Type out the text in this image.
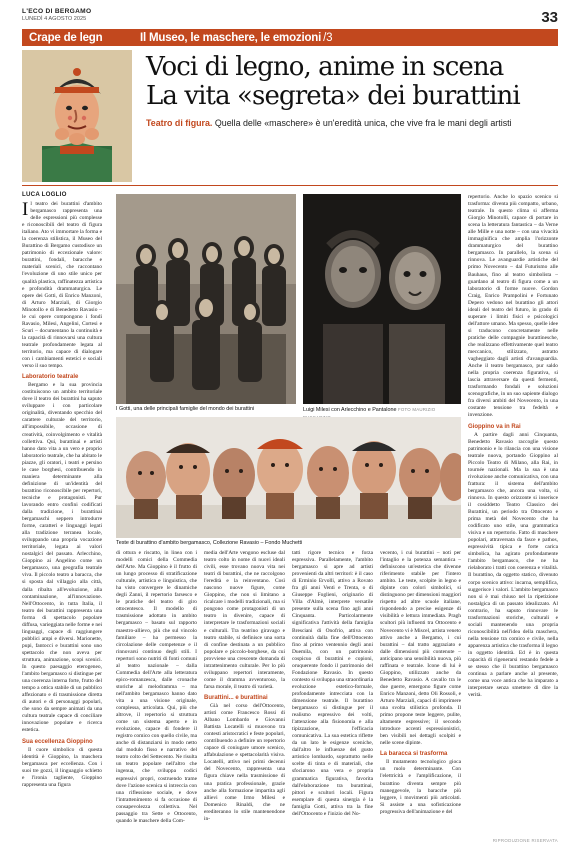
L'ECO DI BERGAMO
LUNEDÌ 4 AGOSTO 2025	33
Crape de legn	Il Museo, le maschere, le emozioni /3
Voci di legno, anime in scena
La vita «segreta» dei burattini
Teatro di figura. Quella delle «maschere» è un'eredità unica, che vive fra le mani degli artisti
LUCA LOGLIO

Il teatro dei burattini d'ambito bergamasco rappresenta una delle espressioni più complesse e riconoscibili del teatro di figura italiano. Ato vi immortare la forma e la coerenza stilistica, il Museo del Burattino di Bergamo custodisce un patrimonio di eccezionale valore: burattini, fondali, baracche e materiali scenici, che raccontano l'evoluzione di uno stile unico per qualità plastica, raffinatezza artistica e profondità drammaturgica. Le opere dei Gotti, di Enrico Manzoni, di Arturo Marziali, di Giorgio Minotollo e di Benedetto Ravasio – le cui opere compongono i fondi Ravasio, Milesi, Angelini, Cortesi e Scuri – documentano la continuità e la capacità di rinnovarsi una cultura teatrale profondamente legata al territorio, ma capace di dialogare con i cambiamenti estetici e sociali verso il suo tempo.

Laboratorio teatrale

Bergamo e la sua provincia costituiscono un ambito territoriale dove il teatro dei burattini ha saputo sviluppare i con particolare originalità, diventando specchio del carattere culturale del territorio, all'impossibile, occasione di creatività, coinvolgimento e vitalità collettiva. Qui, burattinai e artisti hanno dato vita a un vero e proprio laboratorio teatrale, che ha abitato le piazze, gli oratori, i teatri e persino le case borghesi, contribuendo in maniera determinante alla definizione di un'identità del burattino riconoscibile per repertori, tecniche e protagonisti. Pur lavorando entro confini codificati dalla tradizione, i burattinai bergamaschi seppero introdurre forme, caratteri e linguaggi legati alla tradizione terranea locale, sviluppando una propria vocazione territoriale, legata ai valori nostalgici del passato. Arlecchino, Gioppino ai Angelino come un bergamasco, una geografia teatrale viva. Il piccolo teatro a baracca, che si sposta dal villaggio alla città, dalla ribalta all'evoluzione, alla contaminazione, all'innovazione. Nell'Ottocento, in tutta Italia, il teatro dei burattini rappresenta una forma di spettacolo popolare diffusa, varieggiata nelle forme e nei linguaggi, capace di raggiungere pubblici ampi e diversi. Marionette, pupi, fantocci e burattini sono uno spettacolo che non aveva per struttura, animazione, scopi scenici. In questo paesaggio eterogeneo, l'ambito bergamasco si distingue per una coerenza interna forte, frutto del tempo a ottica stabile di un pubblico affezionato e di trasmissione diretta di autori e di personaggi popolari, che sono da sempre animati da una cultura teatrale capace di conciliare innovazione popolare e ricerca estetica.

Sua eccellenza Gioppino

Il cuore simbolico di questa identità è Gioppino, la maschera bergamasca per eccellenza. Con i suoi tre gozzi, il linguaggio schietto e l'ironia tagliente, Gioppino rappresenta una figura

I Gotti, una delle principali famiglie del mondo dei burattini	Luigi Milesi con Arlecchino e Pantalone FOTO MAURIZIO
Teste di burattino d'ambito bergamasco, Collezione Ravasio – Fondo Muchetti

di ottura e riscatto, in linea con i modelli comici della Commedia dell'Arte. Ma Gioppino è il frutto di un lungo processo di stratificazione culturale, artistica e linguistica, che ha visto convergere le dinamiche degli Zanni, il repertorio farsesco e le pratiche del teatro di giro ottocentesco. Il modello di trasmissione adottato in ambito bergamasco – basato sul rapporto maestro-allievo, più che sul vincolo familiare – ha permesso la circolazione delle competenze e il rinnovarsi continuo degli stili. I repertori sono nutriti di fonti comuni al teatro nazionale – dalla Commedia dell'Arte alla letteratura epico-romanzesca, dalle cronache storiche al melodramma – ma nell'ambito bergamasco hanno dato vita a una visione originale, complessa, articolata. Qui, più che altrove, il repertorio si struttura come un sistema aperto e in evoluzione, capace di fondere il registro comico con quello civile, ma anche di distanziarsi in modo netto dal modulo fisso e narrativo del teatro colto del Settecento. Ne risulta un teatro popolare nell'altro che ingenua, che sviluppa codici espressivi propri, costruendo trame dove l'azione scenica si intreccia con una riflessione sociale, e dove l'intrattenimento si fa occasione di consapevolezza collettiva. Nel passaggio tra Sette e Ottocento, quando le maschere della Com-

media dell'Arte vengono escluse dal teatro colto in nome di nuovi ideali civili, esse trovano nuova vita nei teatri di burattini, che ne raccolgono l'eredità e la reinventano. Così nascono nuove figure, come Gioppino, che non si limitano a ricalcare i modelli tradizionali, ma si pongono come protagonisti di un teatro in divenire, capace di interpretare le trasformazioni sociali e culturali. Tra teatrino giravago e teatro stabile, si definisce una sorta di confine destinata a un pubblico popolare e piccolo-borghese, da cui provviene una crescente domanda di intrattenimento culturale. Per lo più sviluppano repertori interamente, come il dramma avventuroso, la farsa morale, il teatro di varietà.

Burattini... e burattinai

Già nel corso dell'Ottocento, artisti come Francesco Rossi di Albano Lombardo e Giovanni Battista Locatelli si muovono tra contesti aristocratici e feste popolari, contribuendo a definire un repertorio capace di coniugare umore scenico, affabulazione e spettacolarità visiva. Locatelli, attivo nei primi decenni del Novecento, rappresenta una figura chiave nella trasmissione di una pratica professionale, grazie anche alla formazione impartita agli allievi come Irmo Milesi e Domenico Rinaldi, che ne erediteranno lo stile mantenendone in-

tatti rigore tecnico e forza espressiva. Parallelamente, l'ambito bergamasco si apre ad artisti provenienti da altri territori: è il caso di Erminio Ervolli, attivo a Rovato fra gli anni Venti e Trenta, o di Giuseppe Foglieni, originario di Villa d'Almè, interprete versatile presente sulla scena fino agli anni Cinquanta. Particolarmente significativa l'attività della famiglia Bresciani di Onofrio, attiva con continuità dalla fine dell'Ottocento fino al primo ventennio degli anni Duemila, con un patrimonio cospicuo di burattini e copioni, oruquerente fondo il patrimonio del Fondazione Ravasio. In questo contesto si sviluppa una straordinaria evoluzione estetico-formale, profondamente intrecciata con la dimensione teatrale. Il burattino bergamasco si distingue per il realismo espressivo dei volti, l'attenzione alla fisionomia e alla tipizzazione, l'efficacia comunicativa. La sua estetica riflette da un lato le esigenze sceniche, dall'altro le influenze del gusto artistico lombardo, soprattutto nelle scelte di tinta e di materiali, che sfociarono una vera e propria grammatica figurativa, favorita dall'elaborazione tra burattinai, pittori e scultori locali. Figura esemplare di questa sinergia è la famiglia Gotti, attiva tra la fine dell'Ottocento e l'inizio del No-

vecento, i cui burattini – noti per l'intaglio e la potenza semantica – definiscono un'estetica che divenne riferimento stabile per l'intero ambito. Le teste, scolpite in legno e dipinte con colori simbolici, si distinguono per dimensioni maggiori rispetto ad altre scuole italiane, rispondendo a precise esigenze di visibilità e lettura immediata. Pragh scultori più influenti tra Ottocento e Novecento vi è Miscel, artista veneto attivo anche a Bergamo, i cui burattini – dal tratto aggraziato e dalle dimensioni più contenute – anticipano una sensibilità nuova, più raffinata e teatrale. Icone di lui è Gioppino, utilizzato anche da Benedetto Ravasio. A cavallo tra le due guerre, emergono figure come Enrico Manzoni, detto Oli Rossoli, e Arturo Marziali, capaci di imprimere una svolta stilistica profonda. Il primo propone teste leggere, pulite, altamente espressive; il secondo introduce accenti espressionistici, ben visibili nei dettagli scolpiti e nelle scene dipinte.

La baracca si trasforma

Il mutamento tecnologico gioca un ruolo determinante. Con l'elettricità e l'amplificazione, il burattino diventa sempre più maneggevole, la baracche più leggere, i movimenti più articolati. Si assiste a una sofisticazione progressiva dell'animazione e del

repertorio. Anche lo spazio scenico si trasforma: diventa più compatto, urbano, teatrale. In questo clima si afferma Giorgio Minotolli, capace di portare in scena la letteratura fantastica – da Verne alle Mille e una notte – con una vivacità immaginifica che amplia l'orizzonte drammaturgico del burattino bergamasco. In parallelo, la scena si rinnova. Le avanguardie artistiche del primo Novecento – dal Futurismo alle Bauhaus, fino al teatro simbolista – guardano al teatro di figura come a un laboratorio di forme nuove. Gordon Craig, Enrico Prampolini e Fortunato Depero vedono nel burattino gli attori ideali del teatro del futuro, in grado di superare i limiti fisici e psicologici dell'attore umano. Ma spesso, quelle idee si traducono concretamente nelle pratiche delle compagnie burattinesche, che realizzano effettivamente quel teatro meccanico, stilizzato, astratto vagheggiato dagli artisti d'avanguardia. Anche il teatro bergamasco, pur saldo nella propria coerenza figurativa, si lascia attraversare da questi fermenti, trasformando fondali e soluzioni scenografiche, in un suo sapiente dialogo fra diversi ambiti del Novecento, in una costante tensione tra fedeltà e invenzione.

Gioppino va in Rai

A partire dagli anni Cinquanta, Benedetto Ravasio raccoglie questo patrimonio e lo rilancia con una visione teatrale nuova, portando Gioppino al Piccolo Teatro di Milano, alla Rai, in tournée nazionali. Ma la sua è una rivoluzione anche comunicativa, con una frattura: il sistema dell'ambito bergamasco che, ancora una volta, si rinnova. In questo orizzonte si inserisce il cosiddetto Teatro Classico dei Burattini, un periodo tra Ottocento e prima metà del Novecento che ha codificato uno stile, una grammatica visiva e un repertorio. Fatto di maschere popolari, attraversata da fasce e pathos, espressività tipica e forte carica simbolica, ha agirato profondamente l'ambito bergamasco, che ne ha rielaborato i tratti con coerenza e vitalità. Il burattino, da oggetto statico, divenuto corpo scenico attivo: incarna, semplifica, suggerisce i valori. L'ambito bergamasco non si è mai chiuso nel la ripetizione nostalgica di un passato idealizzato. Al contrario, ha saputo rinnovare le trasformazioni storiche, culturali e sociali mantenendo una propria riconoscibilità nell'idea della maschera, nella tensione tra comico e civile, nella apparenza artistica che trasforma il legno in oggetto identità. Ed è in questa capacità di rigenerarsi restando fedele a se stesso che il burattino bergamasco continua a parlare anche al presente, come una voce antica che ha imparato a interpretare senza smettere di dire la verità.

RIPRODUZIONE RISERVATA
